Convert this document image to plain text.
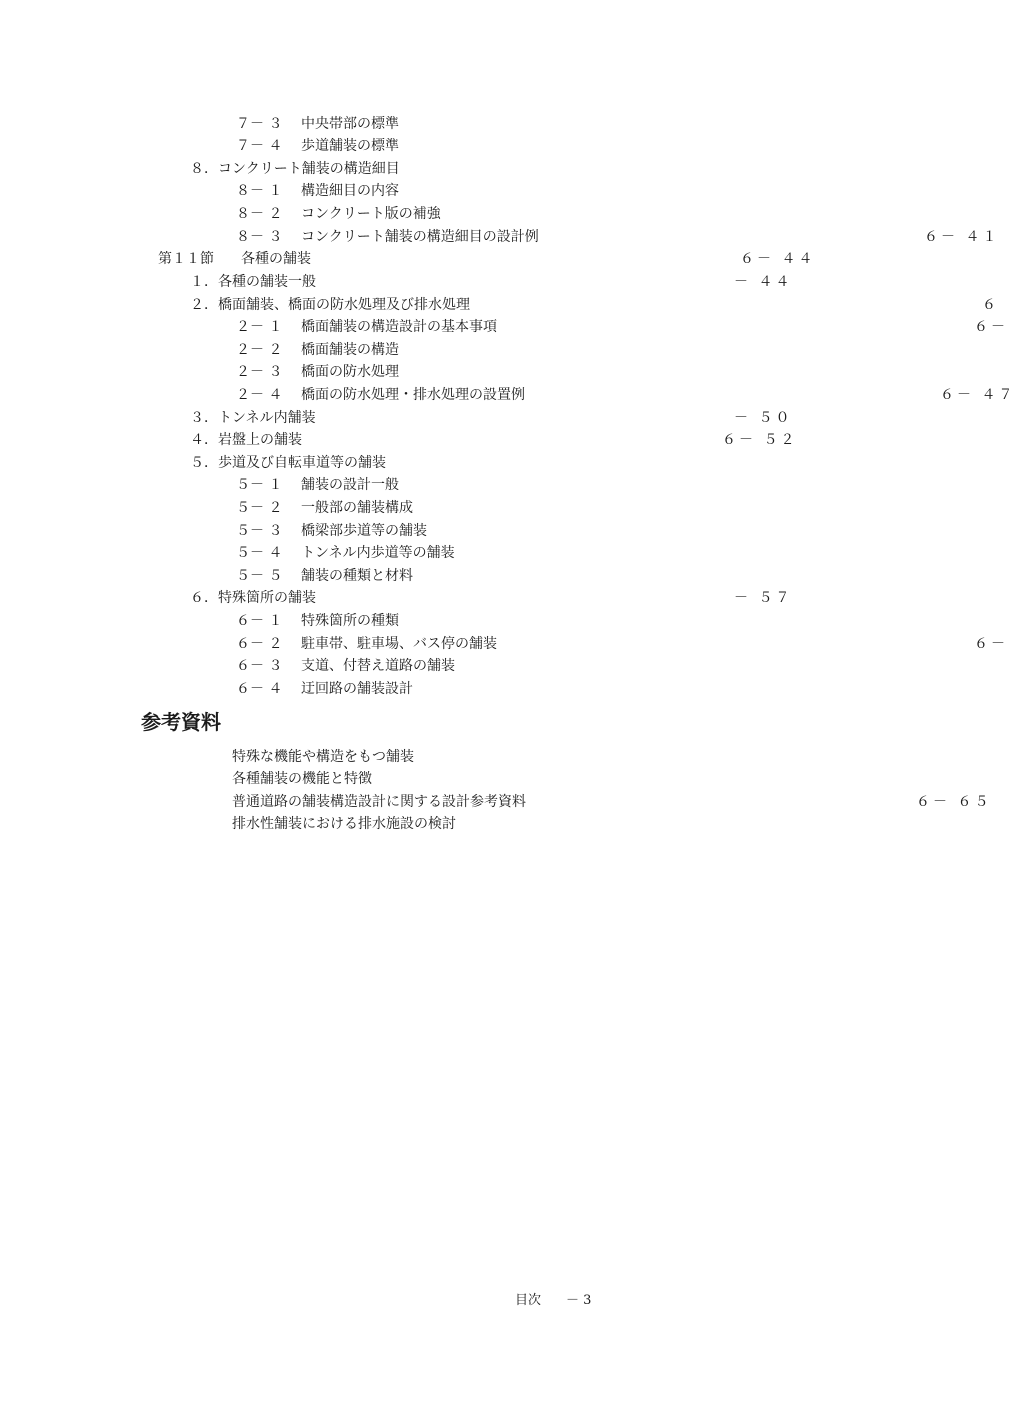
７－ ３ 中央帯部の標準
７－ ４ 歩道舗装の標準
８．コンクリート舗装の構造細目
８－ １ 構造細目の内容
８－ ２ コンクリート版の補強
８－ ３ コンクリート舗装の構造細目の設計例	６－ ４１
第１１節 各種の舗装	６－ ４４
１．各種の舗装一般	－ ４４
２．橋面舗装、橋面の防水処理及び排水処理	６
２－ １ 橋面舗装の構造設計の基本事項	６－
２－ ２ 橋面舗装の構造
２－ ３ 橋面の防水処理
２－ ４ 橋面の防水処理・排水処理の設置例	６－ ４７
３．トンネル内舗装	－ ５０
４．岩盤上の舗装	６－ ５２
５．歩道及び自転車道等の舗装
５－ １ 舗装の設計一般
５－ ２ 一般部の舗装構成
５－ ３ 橋梁部歩道等の舗装
５－ ４ トンネル内歩道等の舗装
５－ ５ 舗装の種類と材料
６．特殊箇所の舗装	－ ５７
６－ １ 特殊箇所の種類
６－ ２ 駐車帯、駐車場、バス停の舗装	６－
６－ ３ 支道、付替え道路の舗装
６－ ４ 迂回路の舗装設計
参考資料
特殊な機能や構造をもつ舗装
各種舗装の機能と特徴
普通道路の舗装構造設計に関する設計参考資料	６－ ６５
排水性舗装における排水施設の検討
目次 － 3
